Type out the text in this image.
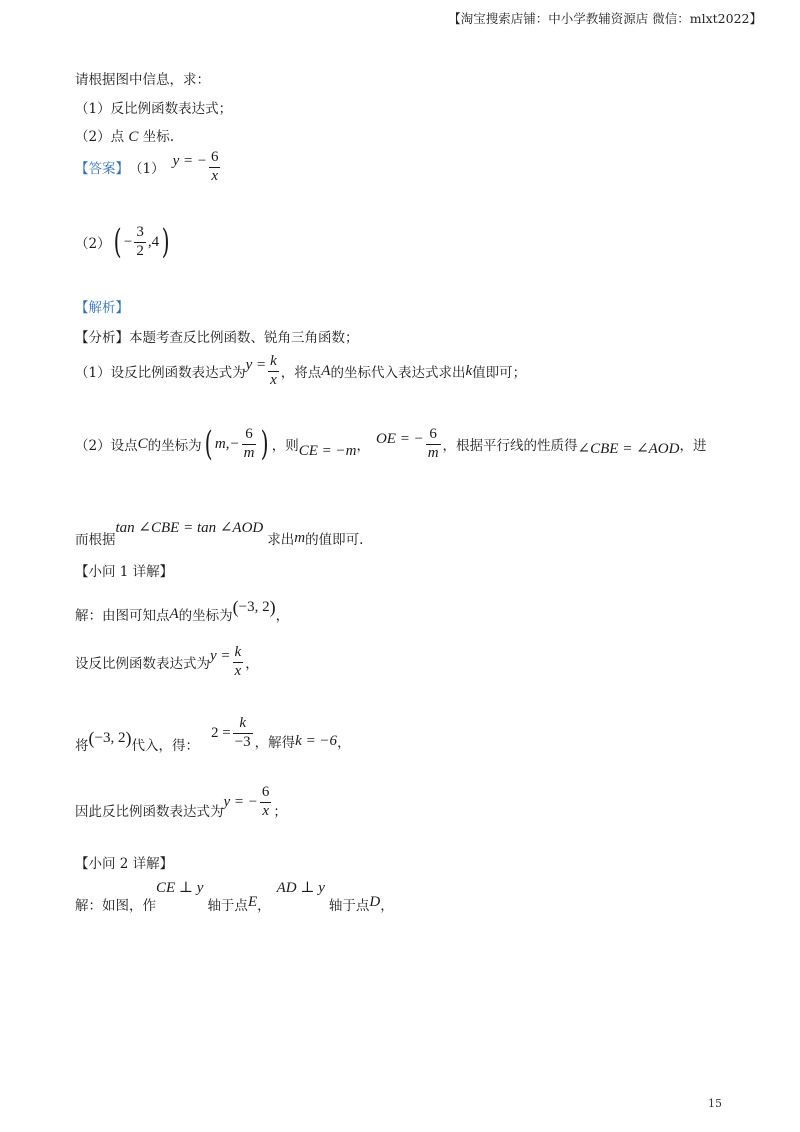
【淘宝搜索店铺：中小学教辅资源店 微信：mlxt2022】
请根据图中信息，求：
（1）反比例函数表达式；
（2）点 C 坐标.
【答案】 （1）
y = − $\frac{6}{x}$
（2） ( − $\frac{3}{2} ,4$ )
【解析】
【分析】本题考查反比例函数、锐角三角函数；
（1）设反比例函数表达式为
$y = \frac{k}{x}$ ，将点 A 的坐标代入表达式求出 k 值即可；
（2）设点 C 的坐标为 ( $m,- \frac{6}{m}$ ) ，则 CE = −m ， OE = − $\frac{6}{m}$ ，根据平行线的性质得 ∠CBE = ∠AOD ，进
而根据
tan ∠CBE = tan ∠AOD
求出 m 的值即可.
【小问 1 详解】
解：由图可知点 A 的坐标为 ( −3, 2 ) ，
设反比例函数表达式为
$y = \frac{k}{x}$ ，
将 ( −3, 2 ) 代入，得：
$2 = \frac{k}{-3}$ ，解得 k = −6 ，
因此反比例函数表达式为
y = − $\frac{6}{x}$ ；
【小问 2 详解】
解：如图，作
CE ⊥ y
轴于点 E ，
AD ⊥ y
轴于点 D ，
15
